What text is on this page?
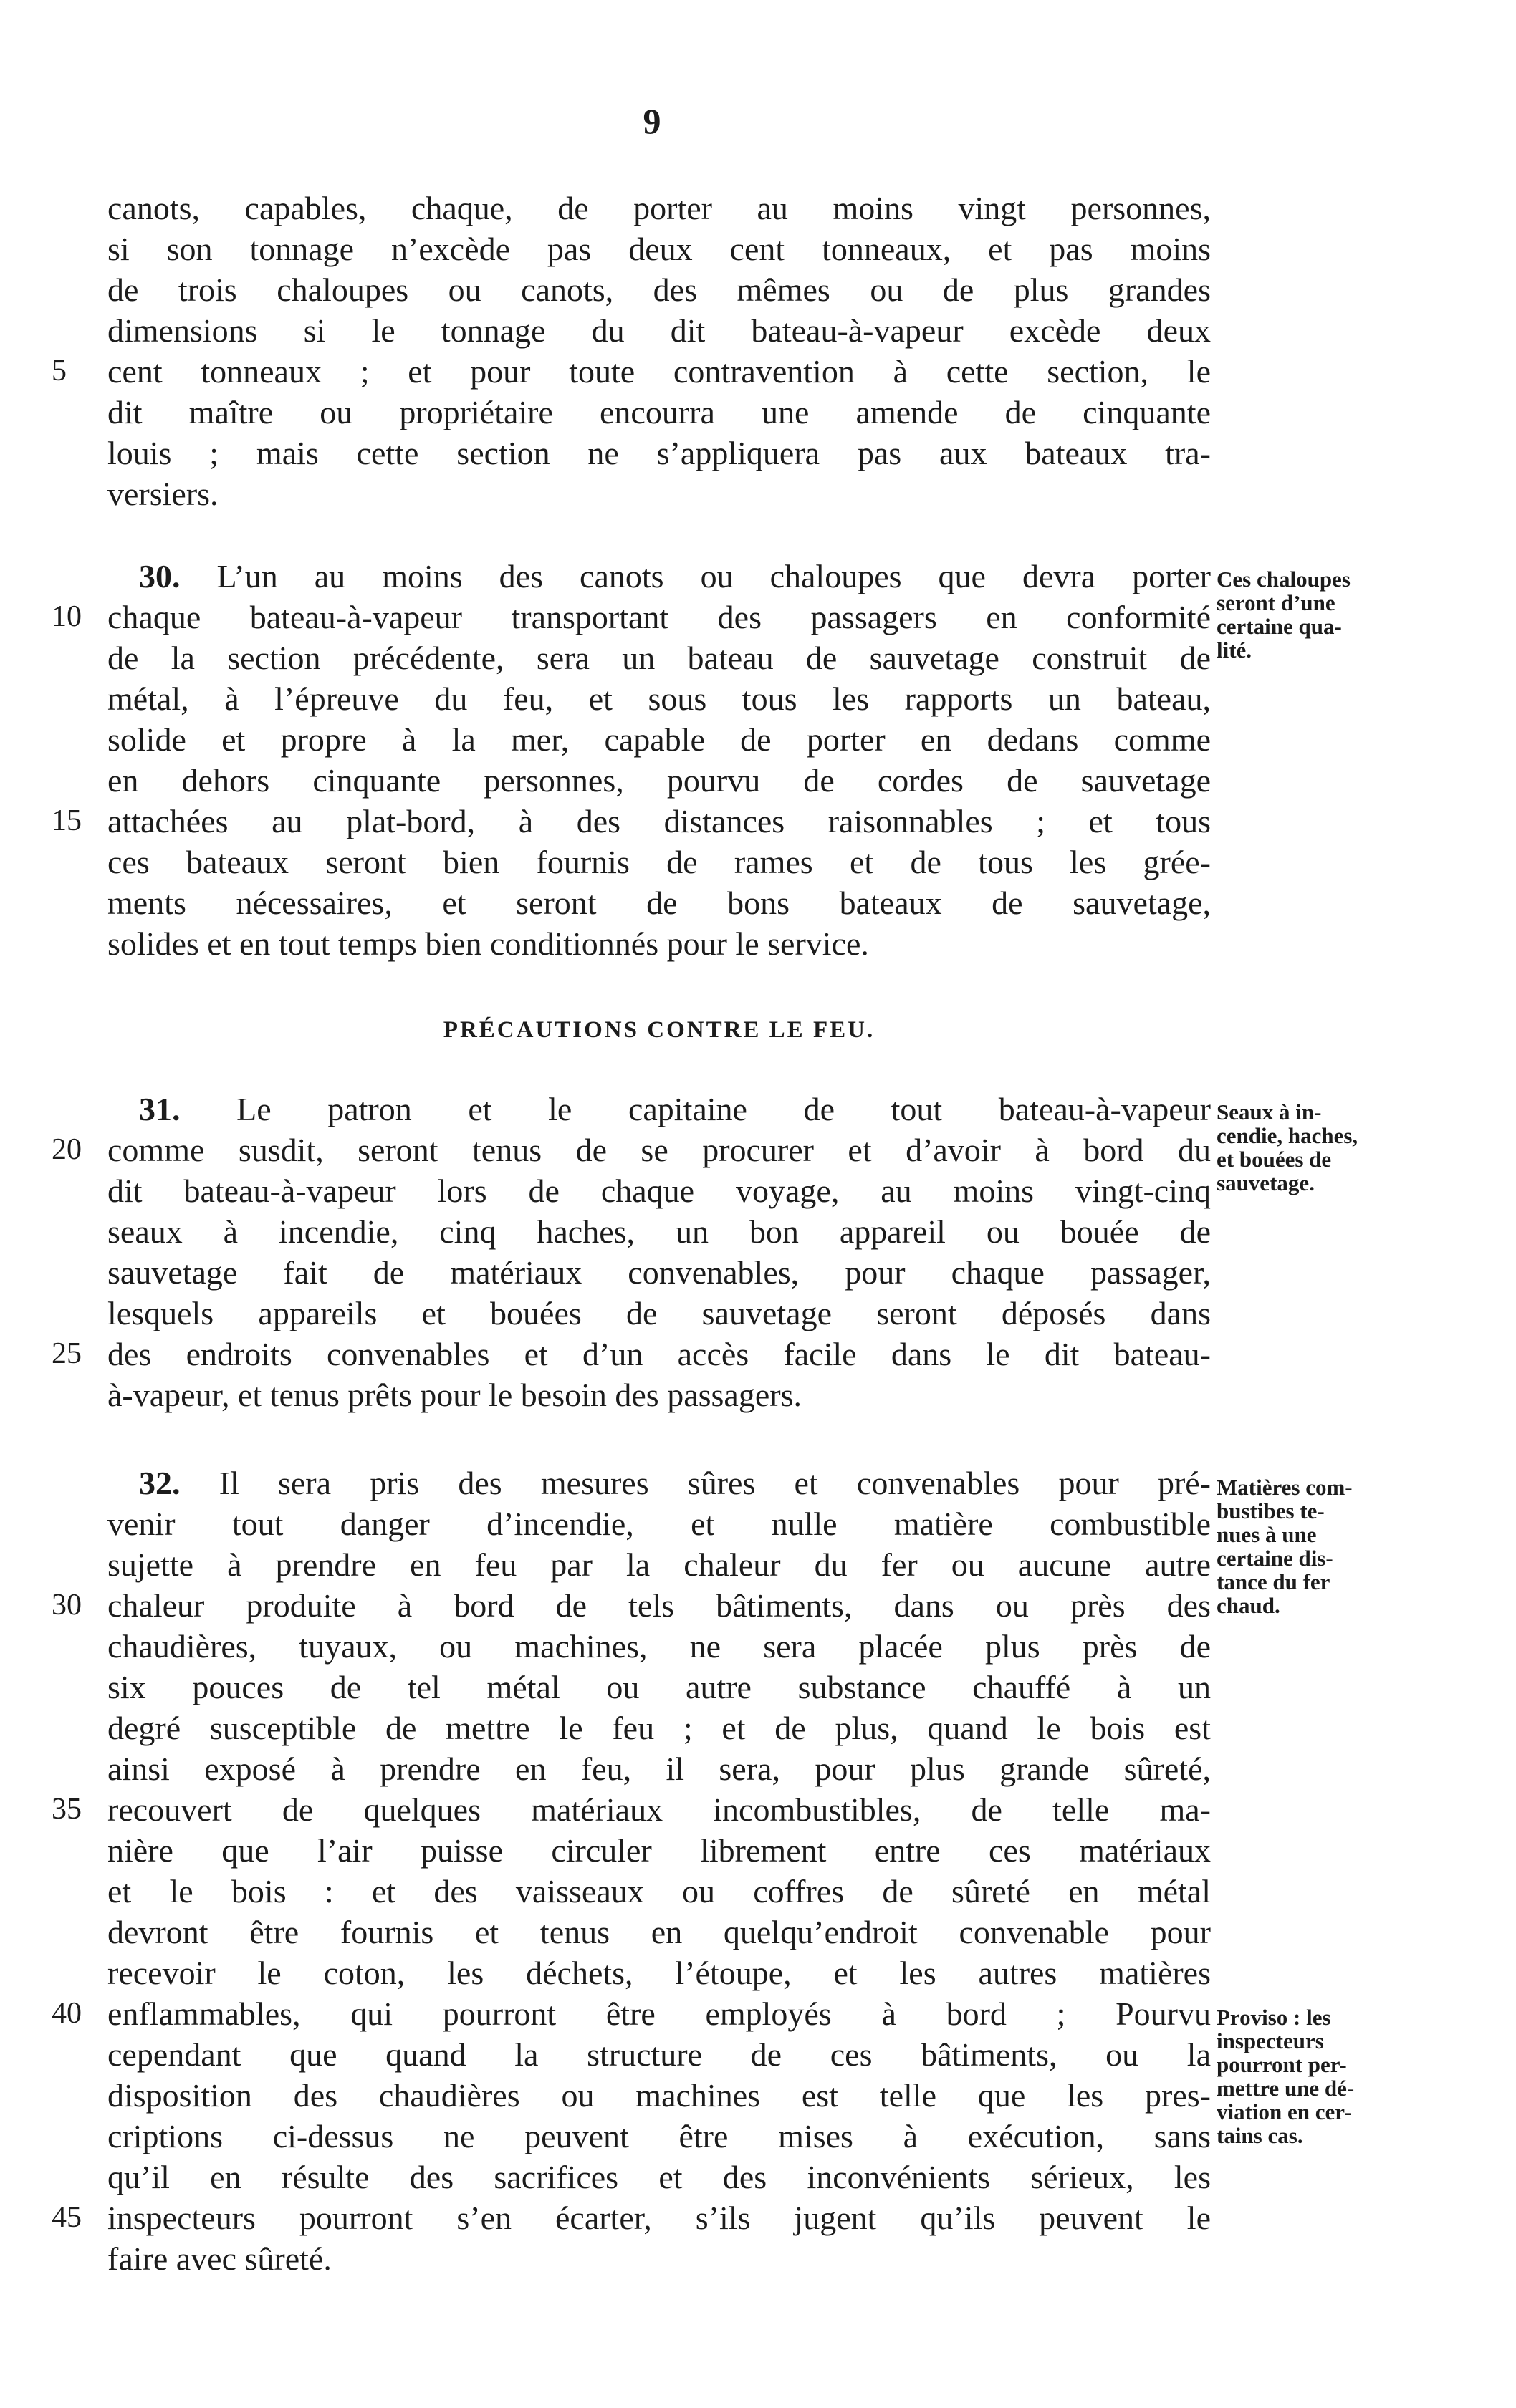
9
canots, capables, chaque, de porter au moins vingt personnes,
si son tonnage n’excède pas deux cent tonneaux, et pas moins
de trois chaloupes ou canots, des mêmes ou de plus grandes
dimensions si le tonnage du dit bateau-à-vapeur excède deux
5	cent tonneaux ; et pour toute contravention à cette section, le
dit maître ou propriétaire encourra une amende de cinquante
louis ; mais cette section ne s’appliquera pas aux bateaux tra-
versiers.
30. L’un au moins des canots ou chaloupes que devra porter
10 chaque bateau-à-vapeur transportant des passagers en conformité
de la section précédente, sera un bateau de sauvetage construit de
métal, à l’épreuve du feu, et sous tous les rapports un bateau,
solide et propre à la mer, capable de porter en dedans comme
en dehors cinquante personnes, pourvu de cordes de sauvetage
15 attachées au plat-bord, à des distances raisonnables ; et tous
ces bateaux seront bien fournis de rames et de tous les grée-
ments nécessaires, et seront de bons bateaux de sauvetage,
solides et en tout temps bien conditionnés pour le service.
Ces chaloupes
seront d’une
certaine qua-
lité.
PRÉCAUTIONS CONTRE LE FEU.
31. Le patron et le capitaine de tout bateau-à-vapeur
20 comme susdit, seront tenus de se procurer et d’avoir à bord du
dit bateau-à-vapeur lors de chaque voyage, au moins vingt-cinq
seaux à incendie, cinq haches, un bon appareil ou bouée de
sauvetage fait de matériaux convenables, pour chaque passager,
lesquels appareils et bouées de sauvetage seront déposés dans
25 des endroits convenables et d’un accès facile dans le dit bateau-
à-vapeur, et tenus prêts pour le besoin des passagers.
Seaux à in-
cendie, haches,
et bouées de
sauvetage.
32. Il sera pris des mesures sûres et convenables pour pré-
venir tout danger d’incendie, et nulle matière combustible
sujette à prendre en feu par la chaleur du fer ou aucune autre
30 chaleur produite à bord de tels bâtiments, dans ou près des
chaudières, tuyaux, ou machines, ne sera placée plus près de
six pouces de tel métal ou autre substance chauffé à un
degré susceptible de mettre le feu ; et de plus, quand le bois est
ainsi exposé à prendre en feu, il sera, pour plus grande sûreté,
35 recouvert de quelques matériaux incombustibles, de telle ma-
nière que l’air puisse circuler librement entre ces matériaux
et le bois : et des vaisseaux ou coffres de sûreté en métal
devront être fournis et tenus en quelqu’endroit convenable pour
recevoir le coton, les déchets, l’étoupe, et les autres matières
40 enflammables, qui pourront être employés à bord ; Pourvu
cependant que quand la structure de ces bâtiments, ou la
disposition des chaudières ou machines est telle que les pres-
criptions ci-dessus ne peuvent être mises à exécution, sans
qu’il en résulte des sacrifices et des inconvénients sérieux, les
45 inspecteurs pourront s’en écarter, s’ils jugent qu’ils peuvent le
faire avec sûreté.
Matières com-
bustibes te-
nues à une
certaine dis-
tance du fer
chaud.
Proviso : les
inspecteurs
pourront per-
mettre une dé-
viation en cer-
tains cas.
